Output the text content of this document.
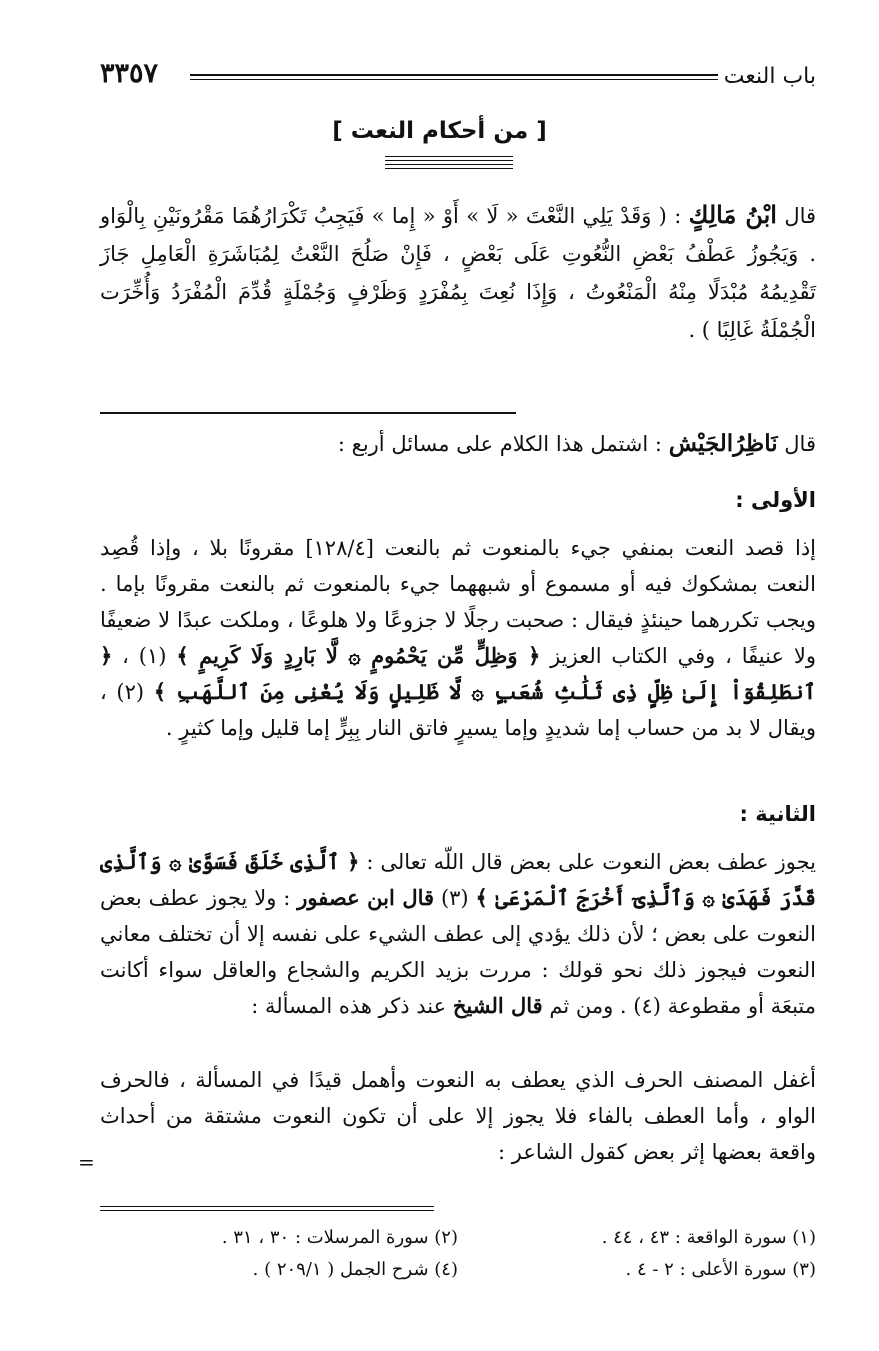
باب النعت
٣٣٥٧
[ من أحكام النعت ]
قال ابْنُ مَالِكٍ : ( وَقَدْ يَلِي النَّعْتَ « لَا » أَوْ « إِما » فَيَجِبُ تَكْرَارُهُمَا مَقْرُونَيْنِ بِالْوَاو . وَيَجُوزُ عَطْفُ بَعْضِ النُّعُوتِ عَلَى بَعْضٍ ، فَإِنْ صَلُحَ النَّعْتُ لِمُبَاشَرَةِ الْعَامِلِ جَازَ تَقْدِيمُهُ مُبْدَلًا مِنْهُ الْمَنْعُوتُ ، وَإِذَا نُعِتَ بِمُفْرَدٍ وَظَرْفٍ وَجُمْلَةٍ قُدِّمَ الْمُفْرَدُ وَأُخِّرَت الْجُمْلَةُ غَالِبًا ) .
قال نَاظِرُالجَيْش : اشتمل هذا الكلام على مسائل أربع :
الأولى :
إذا قصد النعت بمنفي جيء بالمنعوت ثم بالنعت [١٢٨/٤] مقرونًا بلا ، وإذا قُصِد النعت بمشكوك فيه أو مسموع أو شبههما جيء بالمنعوت ثم بالنعت مقرونًا بإما . ويجب تكررهما حينئذٍ فيقال : صحبت رجلًا لا جزوعًا ولا هلوعًا ، وملكت عبدًا لا ضعيفًا ولا عنيفًا ، وفي الكتاب العزيز ﴿ وَظِلٍّ مِّن يَحْمُومٍ ۞ لَّا بَارِدٍ وَلَا كَرِيمٍ ﴾ (١) ، ﴿ ٱنطَلِقُوٓاْ إِلَىٰ ظِلٍّ ذِى ثَلَٰثِ شُعَبٍ ۞ لَّا ظَلِيلٍ وَلَا يُغْنِى مِنَ ٱللَّهَبِ ﴾ (٢) ، ويقال لا بد من حساب إما شديدٍ وإما يسيرٍ فاتق النار بِبِرٍّ إما قليل وإما كثيرٍ .
الثانية :
يجوز عطف بعض النعوت على بعض قال اللّه تعالى : ﴿ ٱلَّذِى خَلَقَ فَسَوَّىٰ ۞ وَٱلَّذِى قَدَّرَ فَهَدَىٰ ۞ وَٱلَّذِىٓ أَخْرَجَ ٱلْمَرْعَىٰ ﴾ (٣) قال ابن عصفور : ولا يجوز عطف بعض النعوت على بعض ؛ لأن ذلك يؤدي إلى عطف الشيء على نفسه إلا أن تختلف معاني النعوت فيجوز ذلك نحو قولك : مررت بزيد الكريم والشجاع والعاقل سواء أكانت متبعَة أو مقطوعة (٤) . ومن ثم قال الشيخ عند ذكر هذه المسألة :
أغفل المصنف الحرف الذي يعطف به النعوت وأهمل قيدًا في المسألة ، فالحرف الواو ، وأما العطف بالفاء فلا يجوز إلا على أن تكون النعوت مشتقة من أحداث واقعة بعضها إثر بعض كقول الشاعر :
=
(١) سورة الواقعة : ٤٣ ، ٤٤ .
(٢) سورة المرسلات : ٣٠ ، ٣١ .
(٣) سورة الأعلى : ٢ - ٤ .
(٤) شرح الجمل ( ٢٠٩/١ ) .
